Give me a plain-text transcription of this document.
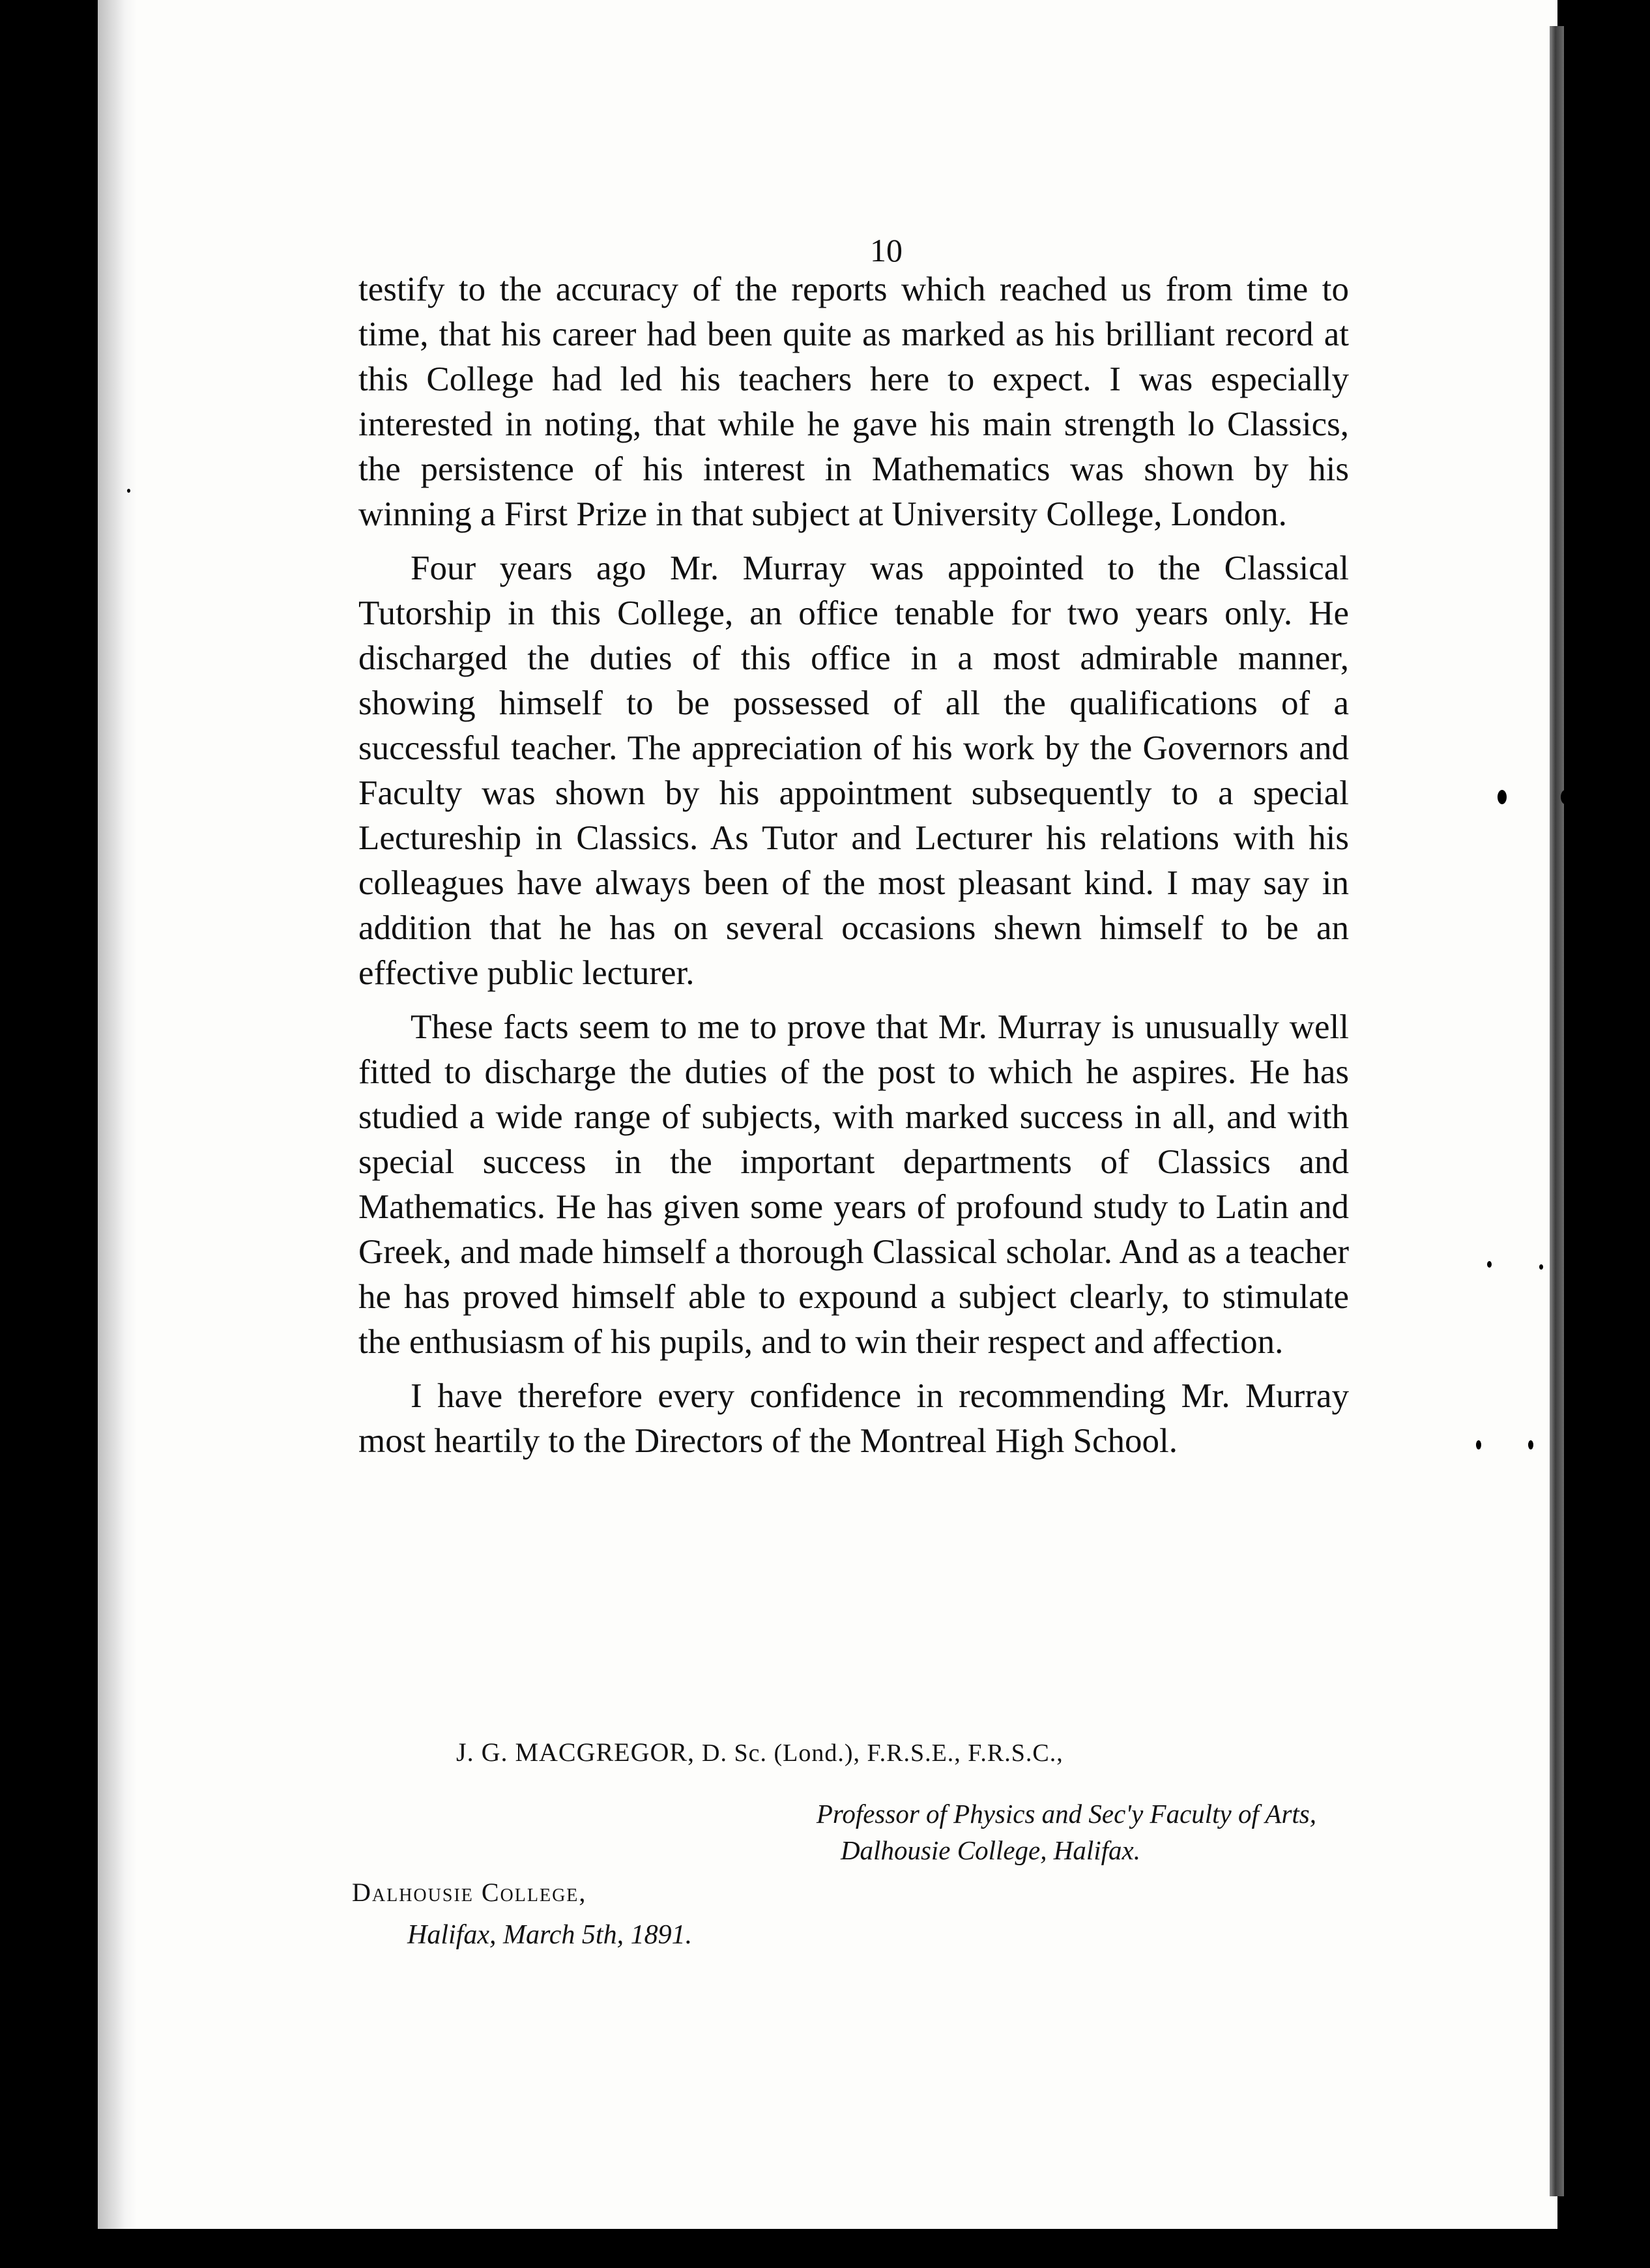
10

testify to the accuracy of the reports which reached us from time to time, that his career had been quite as marked as his brilliant record at this College had led his teachers here to expect. I was especially interested in noting, that while he gave his main strength lo Classics, the persistence of his interest in Mathematics was shown by his winning a First Prize in that subject at University College, London.

Four years ago Mr. Murray was appointed to the Classical Tutorship in this College, an office tenable for two years only. He discharged the duties of this office in a most admirable manner, showing himself to be possessed of all the qualifications of a successful teacher. The appreciation of his work by the Governors and Faculty was shown by his appointment subsequently to a special Lectureship in Classics. As Tutor and Lecturer his relations with his colleagues have always been of the most pleasant kind. I may say in addition that he has on several occasions shewn himself to be an effective public lecturer.

These facts seem to me to prove that Mr. Murray is unusually well fitted to discharge the duties of the post to which he aspires. He has studied a wide range of subjects, with marked success in all, and with special success in the important departments of Classics and Mathematics. He has given some years of profound study to Latin and Greek, and made himself a thorough Classical scholar. And as a teacher he has proved himself able to expound a subject clearly, to stimulate the enthusiasm of his pupils, and to win their respect and affection.

I have therefore every confidence in recommending Mr. Murray most heartily to the Directors of the Montreal High School.

J. G. MACGREGOR, D. Sc. (Lond.), F.R.S.E., F.R.S.C.,
Professor of Physics and Sec'y Faculty of Arts,
Dalhousie College, Halifax.
Dalhousie College,
Halifax, March 5th, 1891.
